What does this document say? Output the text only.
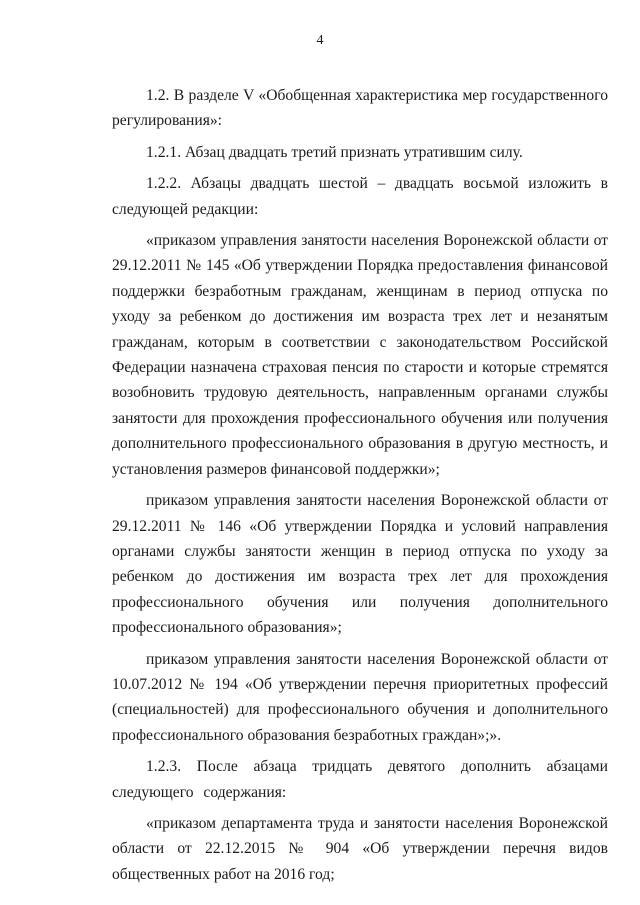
4

1.2. В разделе V «Обобщенная характеристика мер государственного регулирования»:

1.2.1. Абзац двадцать третий признать утратившим силу.

1.2.2. Абзацы двадцать шестой – двадцать восьмой изложить в следующей редакции:

«приказом управления занятости населения Воронежской области от 29.12.2011 № 145 «Об утверждении Порядка предоставления финансовой поддержки безработным гражданам, женщинам в период отпуска по уходу за ребенком до достижения им возраста трех лет и незанятым гражданам, которым в соответствии с законодательством Российской Федерации назначена страховая пенсия по старости и которые стремятся возобновить трудовую деятельность, направленным органами службы занятости для прохождения профессионального обучения или получения дополнительного профессионального образования в другую местность, и установления размеров финансовой поддержки»;

приказом управления занятости населения Воронежской области от 29.12.2011 № 146 «Об утверждении Порядка и условий направления органами службы занятости женщин в период отпуска по уходу за ребенком до достижения им возраста трех лет для прохождения профессионального обучения или получения дополнительного профессионального образования»;

приказом управления занятости населения Воронежской области от 10.07.2012 № 194 «Об утверждении перечня приоритетных профессий (специальностей) для профессионального обучения и дополнительного профессионального образования безработных граждан»;».

1.2.3. После абзаца тридцать девятого дополнить абзацами следующего содержания:

«приказом департамента труда и занятости населения Воронежской области от 22.12.2015 № 904 «Об утверждении перечня видов общественных работ на 2016 год;
